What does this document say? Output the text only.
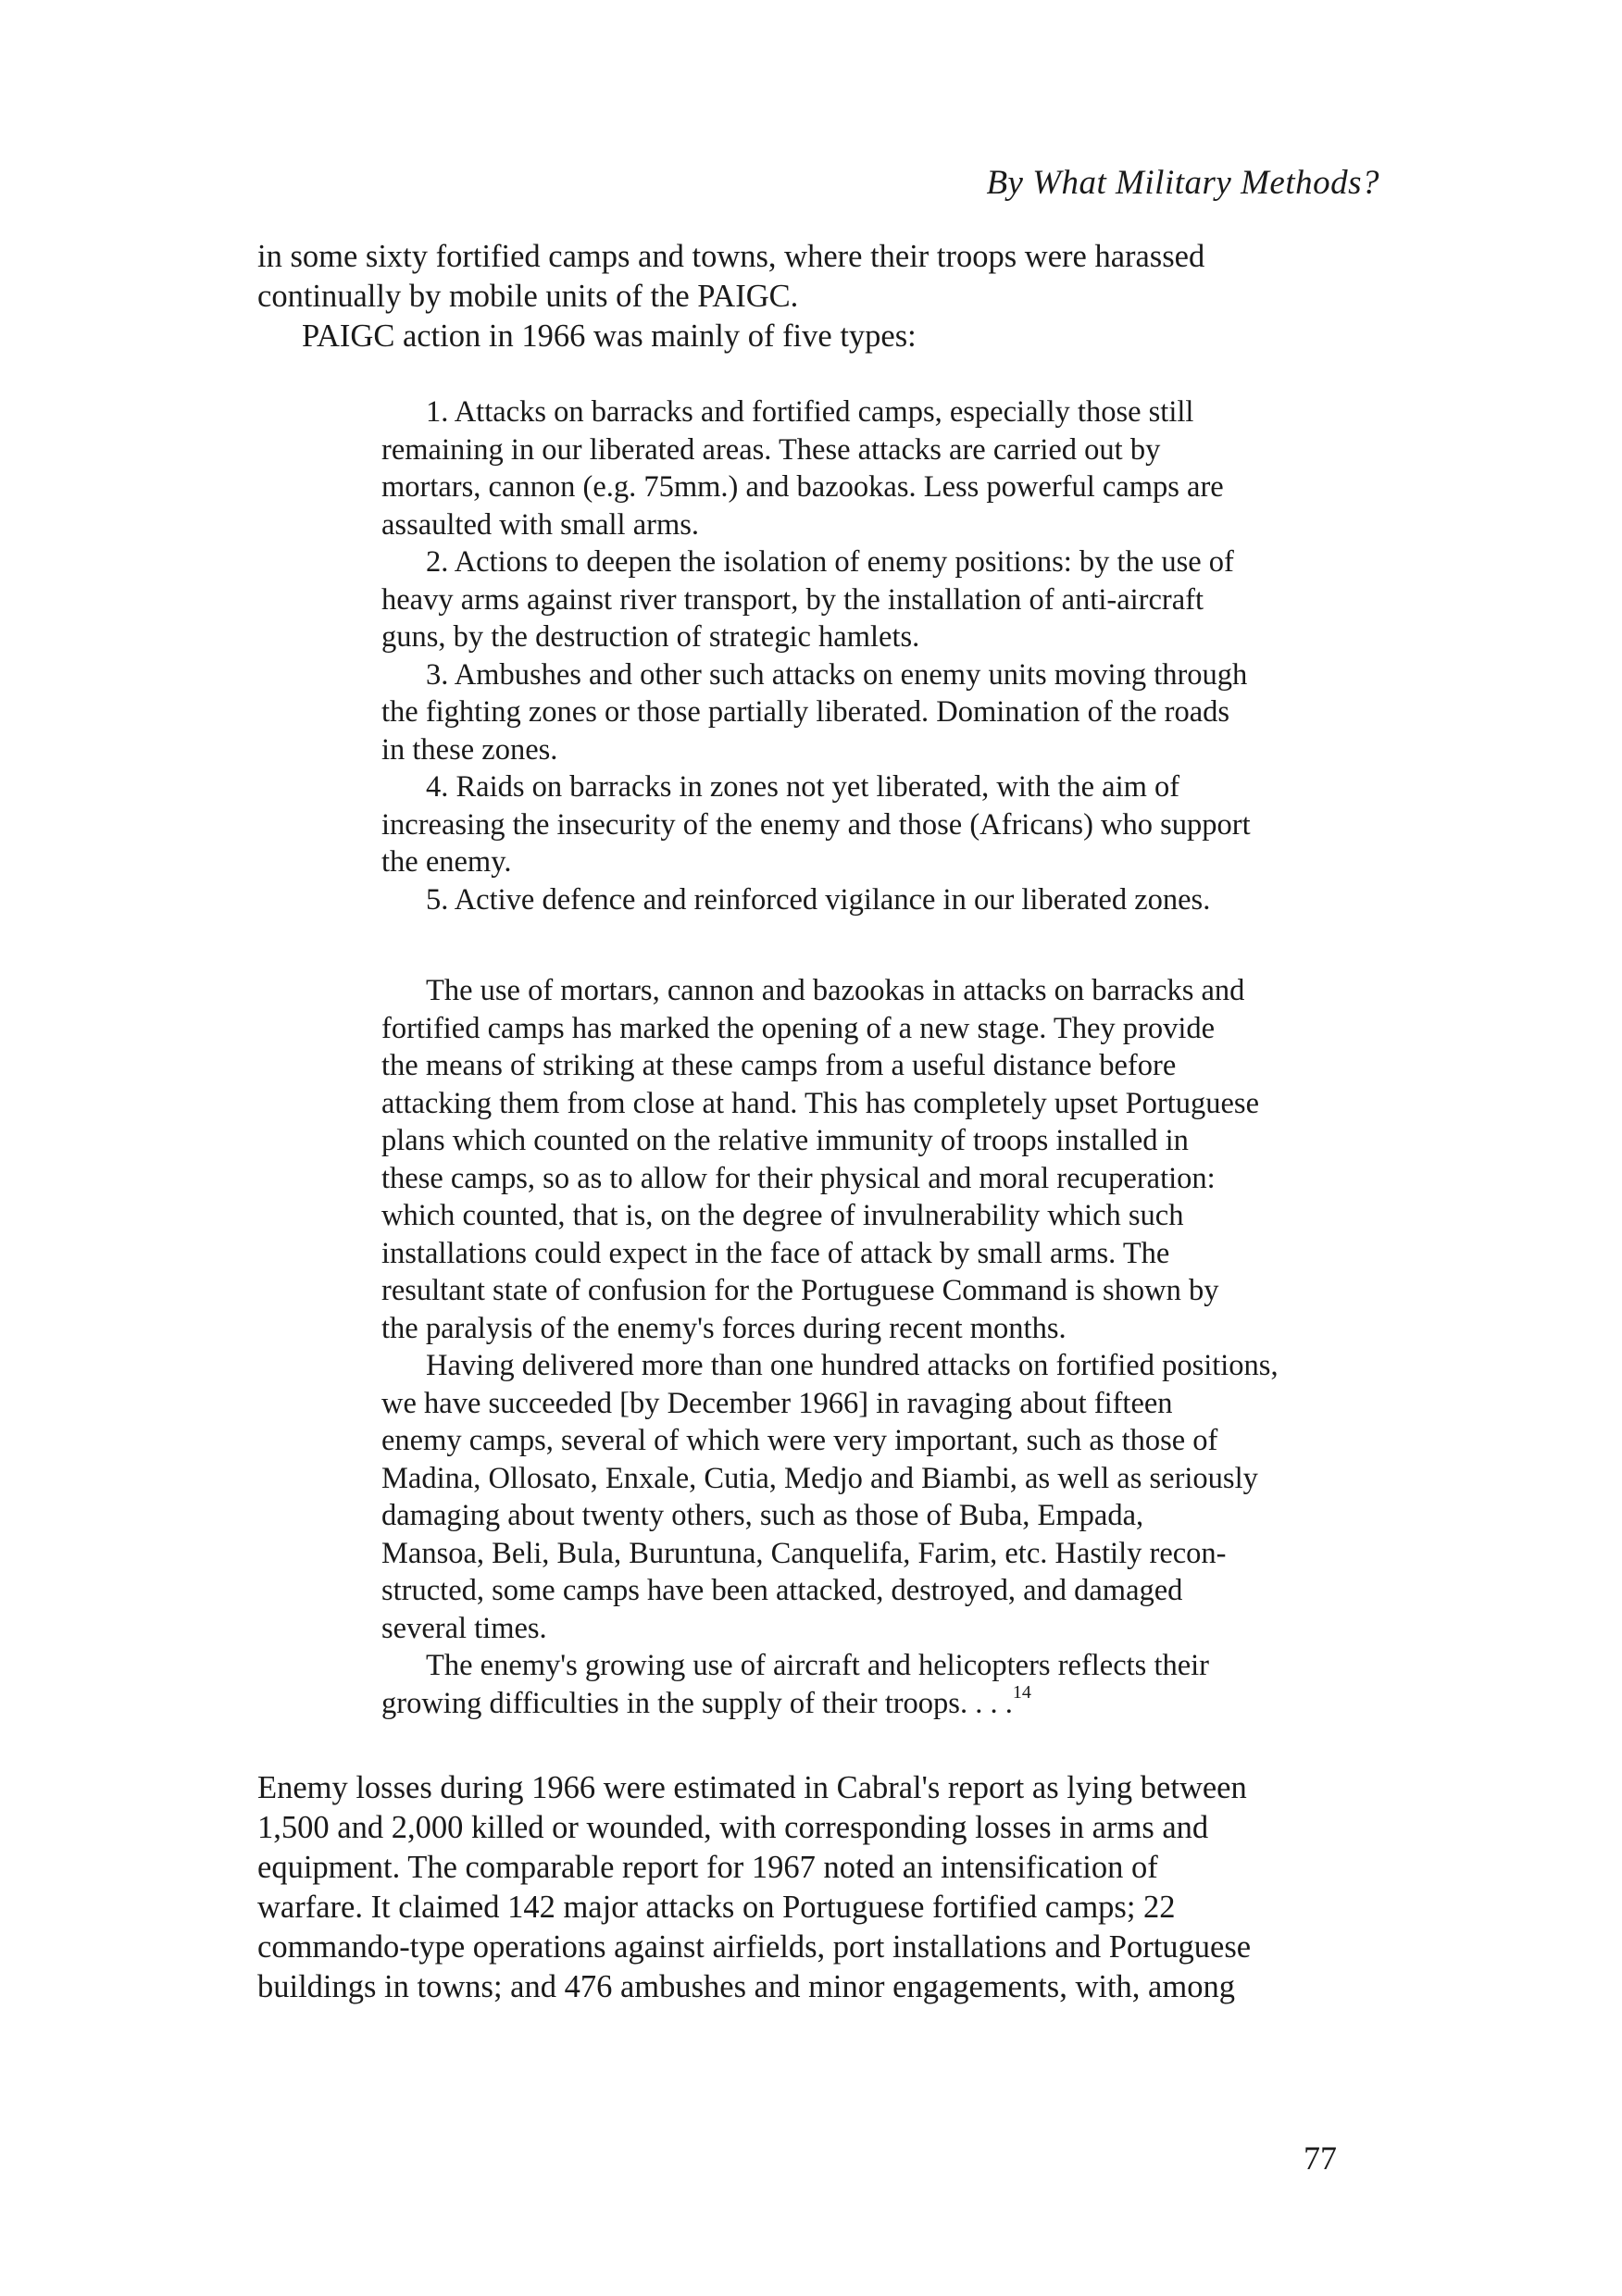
By What Military Methods?

in some sixty fortified camps and towns, where their troops were harassed
continually by mobile units of the PAIGC.
PAIGC action in 1966 was mainly of five types:

1. Attacks on barracks and fortified camps, especially those still
remaining in our liberated areas. These attacks are carried out by
mortars, cannon (e.g. 75mm.) and bazookas. Less powerful camps are
assaulted with small arms.
2. Actions to deepen the isolation of enemy positions: by the use of
heavy arms against river transport, by the installation of anti-aircraft
guns, by the destruction of strategic hamlets.
3. Ambushes and other such attacks on enemy units moving through
the fighting zones or those partially liberated. Domination of the roads
in these zones.
4. Raids on barracks in zones not yet liberated, with the aim of
increasing the insecurity of the enemy and those (Africans) who support
the enemy.
5. Active defence and reinforced vigilance in our liberated zones.

The use of mortars, cannon and bazookas in attacks on barracks and
fortified camps has marked the opening of a new stage. They provide
the means of striking at these camps from a useful distance before
attacking them from close at hand. This has completely upset Portuguese
plans which counted on the relative immunity of troops installed in
these camps, so as to allow for their physical and moral recuperation:
which counted, that is, on the degree of invulnerability which such
installations could expect in the face of attack by small arms. The
resultant state of confusion for the Portuguese Command is shown by
the paralysis of the enemy's forces during recent months.
Having delivered more than one hundred attacks on fortified positions,
we have succeeded [by December 1966] in ravaging about fifteen
enemy camps, several of which were very important, such as those of
Madina, Ollosato, Enxale, Cutia, Medjo and Biambi, as well as seriously
damaging about twenty others, such as those of Buba, Empada,
Mansoa, Beli, Bula, Buruntuna, Canquelifa, Farim, etc. Hastily recon-
structed, some camps have been attacked, destroyed, and damaged
several times.
The enemy's growing use of aircraft and helicopters reflects their
growing difficulties in the supply of their troops. . . .$^{14}$

Enemy losses during 1966 were estimated in Cabral's report as lying between
1,500 and 2,000 killed or wounded, with corresponding losses in arms and
equipment. The comparable report for 1967 noted an intensification of
warfare. It claimed 142 major attacks on Portuguese fortified camps; 22
commando-type operations against airfields, port installations and Portuguese
buildings in towns; and 476 ambushes and minor engagements, with, among

77
